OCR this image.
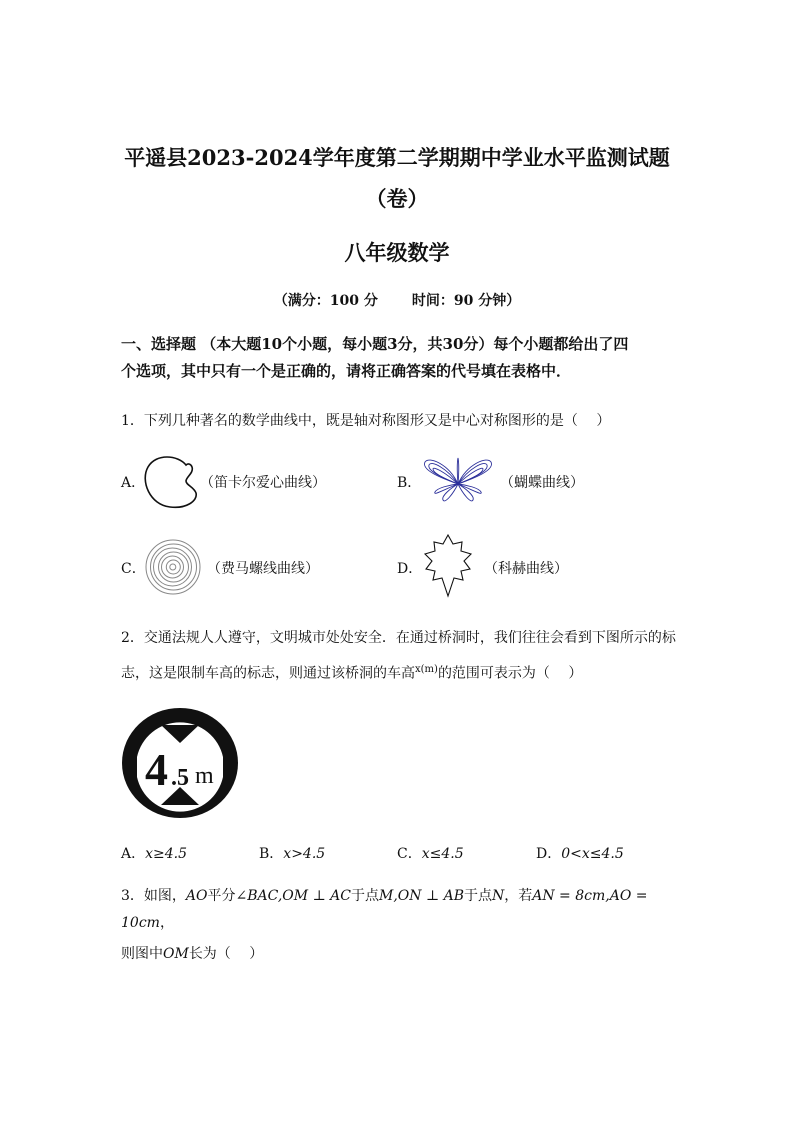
平遥县2023-2024学年度第二学期期中学业水平监测试题
（卷）
八年级数学
（满分：100 分 时间：90 分钟）
一、选择题 （本大题10个小题，每小题3分，共30分）每个小题都给出了四
个选项，其中只有一个是正确的，请将正确答案的代号填在表格中．
1．下列几种著名的数学曲线中，既是轴对称图形又是中心对称图形的是（　 ）
A．	（笛卡尔爱心曲线）	B．	（蝴蝶曲线）
C．	（费马螺线曲线）	D．	（科赫曲线）
2．交通法规人人遵守，文明城市处处安全．在通过桥洞时，我们往往会看到下图所示的标
志，这是限制车高的标志，则通过该桥洞的车高$^{x(m)}$的范围可表示为（　 ）
4 .5 m
A．x≥4.5	B．x>4.5	C．x≤4.5	D．0<x≤4.5
3．如图，AO平分∠BAC,OM ⊥ AC于点M,ON ⊥ AB于点N，若AN = 8cm,AO = 10cm，
则图中OM长为（　 ）
